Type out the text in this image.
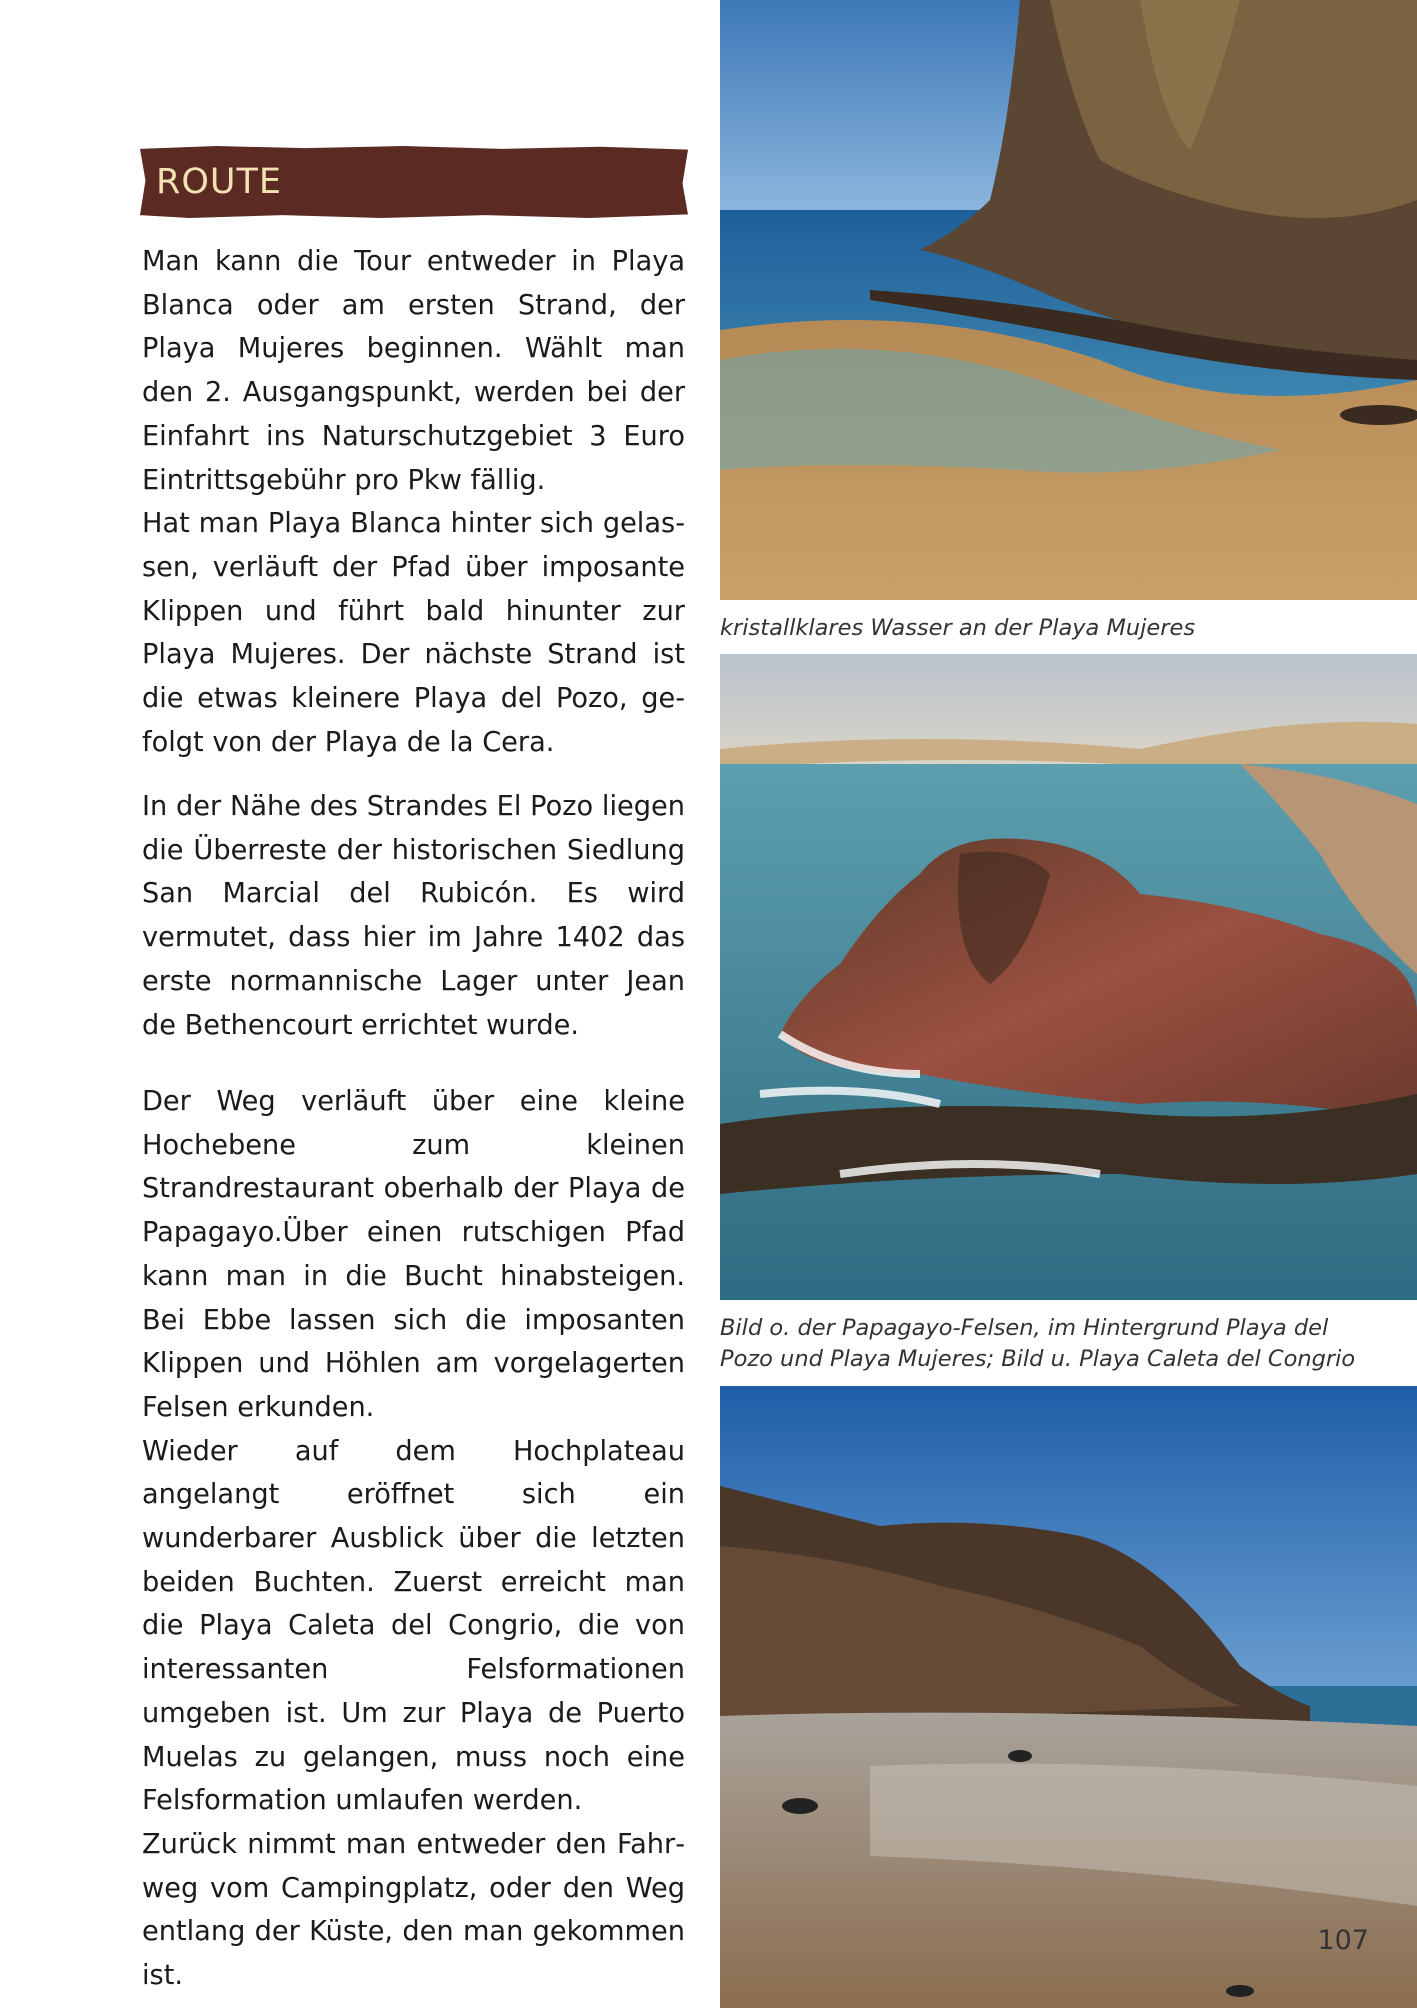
ROUTE

Man kann die Tour entweder in Playa Blanca oder am ersten Strand, der Playa Mujeres beginnen. Wählt man den 2. Ausgangspunkt, werden bei der Einfahrt ins Naturschutzgebiet 3 Euro Eintrittsgebühr pro Pkw fällig.

Hat man Playa Blanca hinter sich gelassen, verläuft der Pfad über imposante Klippen und führt bald hinunter zur Playa Mujeres. Der nächste Strand ist die etwas kleinere Playa del Pozo, gefolgt von der Playa de la Cera.

In der Nähe des Strandes El Pozo liegen die Überreste der historischen Siedlung San Marcial del Rubicón. Es wird vermutet, dass hier im Jahre 1402 das erste normannische Lager unter Jean de Bethencourt errichtet wurde.

Der Weg verläuft über eine kleine Hochebene zum kleinen Strandrestaurant oberhalb der Playa de Papagayo.Über einen rutschigen Pfad kann man in die Bucht hinabsteigen. Bei Ebbe lassen sich die imposanten Klippen und Höhlen am vorgelagerten Felsen erkunden.

Wieder auf dem Hochplateau angelangt eröffnet sich ein wunderbarer Ausblick über die letzten beiden Buchten. Zuerst erreicht man die Playa Caleta del Congrio, die von interessanten Felsformationen umgeben ist. Um zur Playa de Puerto Muelas zu gelangen, muss noch eine Felsformation umlaufen werden.

Zurück nimmt man entweder den Fahrweg vom Campingplatz, oder den Weg entlang der Küste, den man gekommen ist.

kristallklares Wasser an der Playa Mujeres
Bild o. der Papagayo-Felsen, im Hintergrund Playa del
Pozo und Playa Mujeres; Bild u. Playa Caleta del Congrio
107
